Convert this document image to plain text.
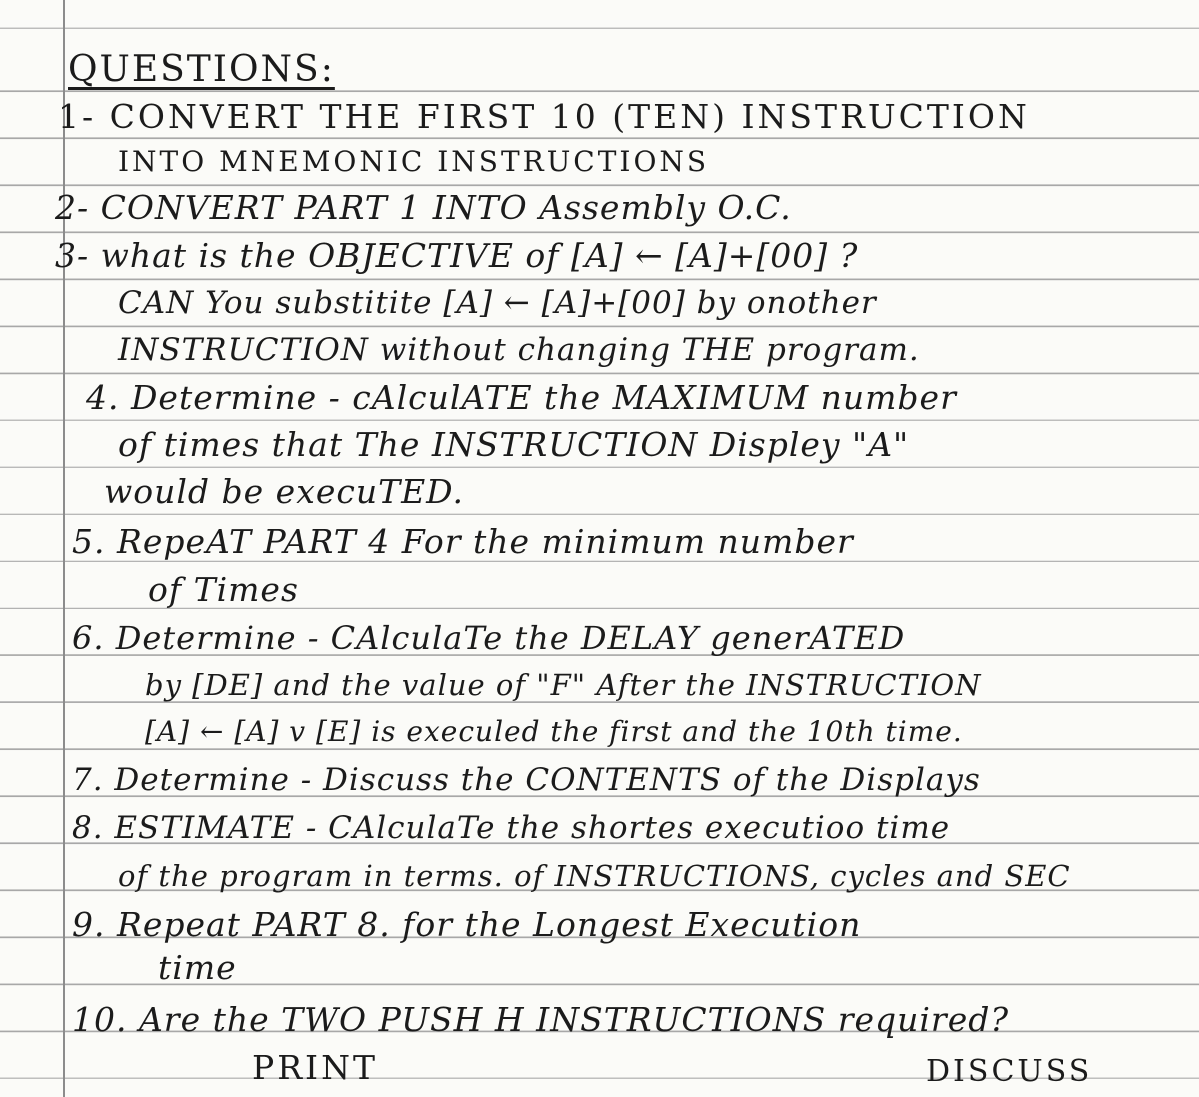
QUESTIONS:
1- CONVERT THE FIRST 10 (TEN) INSTRUCTION
INTO MNEMONIC INSTRUCTIONS
2- CONVERT PART 1 INTO Assembly O.C.
3- what is the OBJECTIVE of [A] ← [A]+[00] ?
CAN You substitite [A] ← [A]+[00] by onother
INSTRUCTION without changing THE program.
4. Determine - cAlculATE the MAXIMUM number
of times that The INSTRUCTION Displey "A"
would be execuTED.
5. RepeAT PART 4 For the minimum number
of Times
6. Determine - CAlculaTe the DELAY generATED
by [DE] and the value of "F" After the INSTRUCTION
[A] ← [A] v [E] is execuled the first and the 10th time.
7. Determine - Discuss the CONTENTS of the Displays
8. ESTIMATE - CAlculaTe the shortes executioo time
of the program in terms. of INSTRUCTIONS, cycles and SEC
9. Repeat PART 8. for the Longest Execution
time
10. Are the TWO PUSH H INSTRUCTIONS required?
PRINT	DISCUSS
